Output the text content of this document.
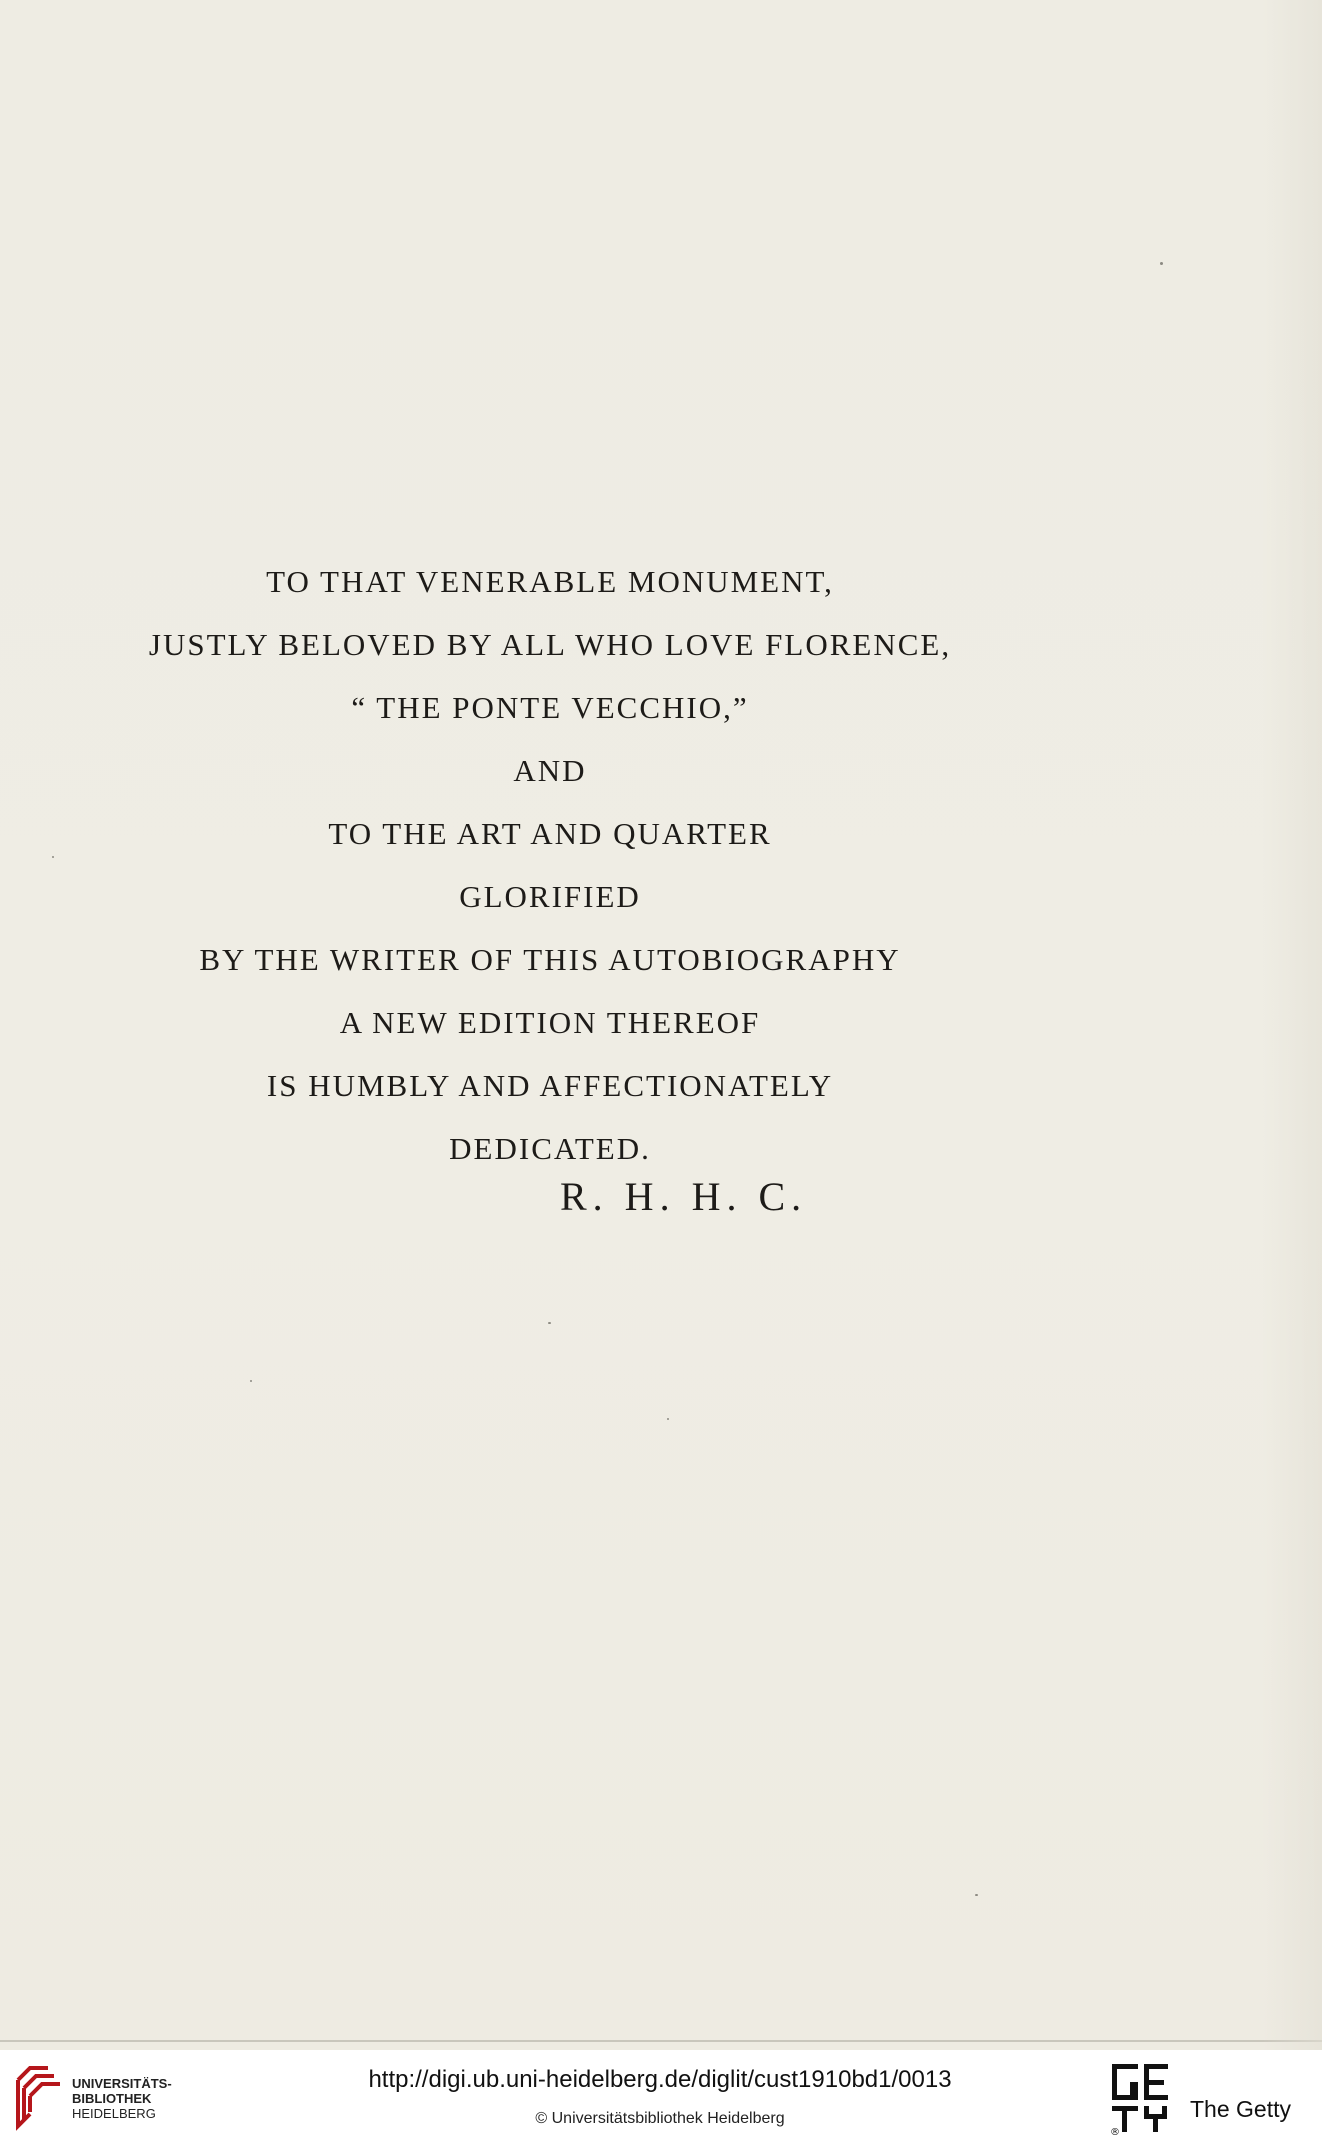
TO THAT VENERABLE MONUMENT,
JUSTLY BELOVED BY ALL WHO LOVE FLORENCE,
“ THE PONTE VECCHIO,”
AND
TO THE ART AND QUARTER
GLORIFIED
BY THE WRITER OF THIS AUTOBIOGRAPHY
A NEW EDITION THEREOF
IS HUMBLY AND AFFECTIONATELY
DEDICATED.
R. H. H. C.
UNIVERSITÄTS-
BIBLIOTHEK
HEIDELBERG
http://digi.ub.uni-heidelberg.de/diglit/cust1910bd1/0013
© Universitätsbibliothek Heidelberg
®
The Getty
